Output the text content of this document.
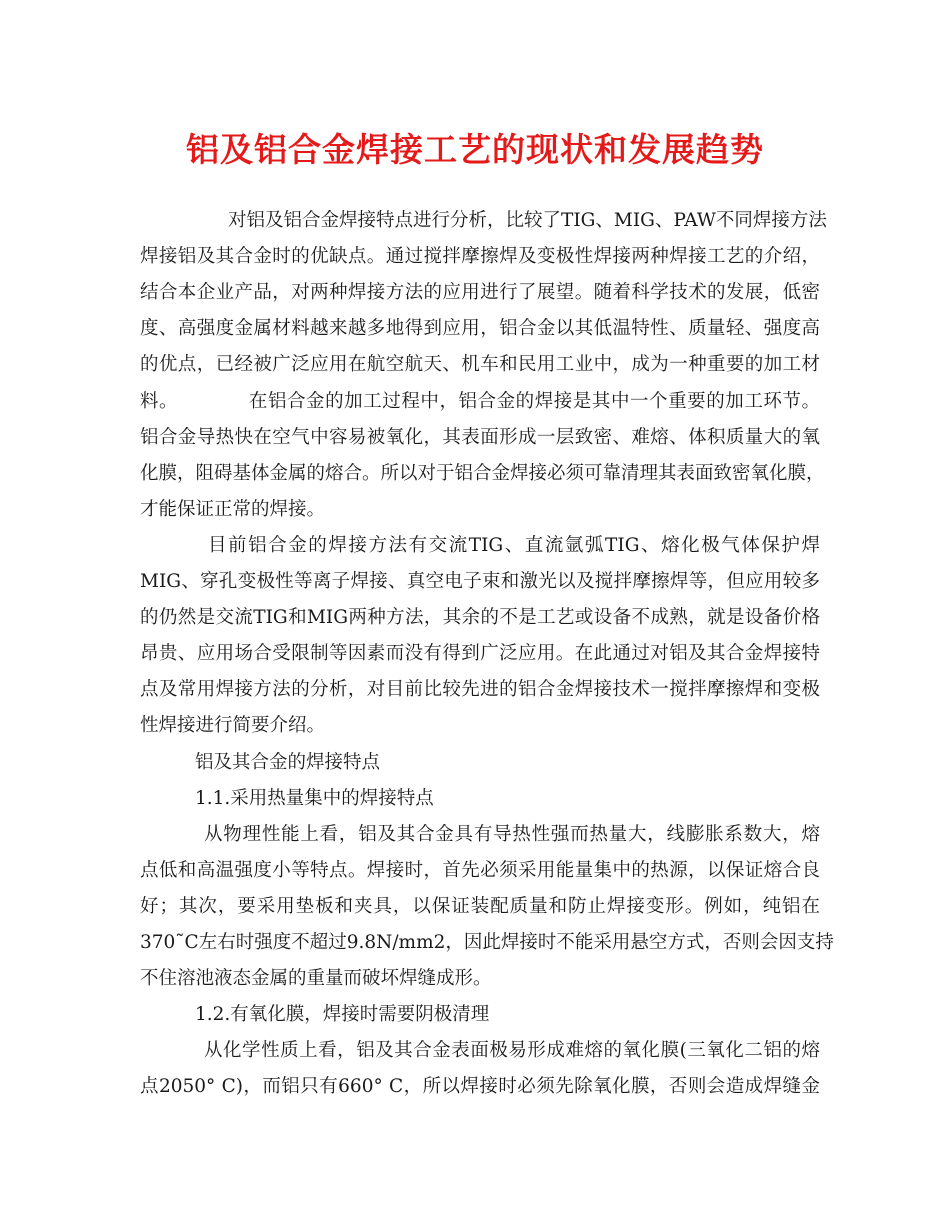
铝及铝合金焊接工艺的现状和发展趋势
对铝及铝合金焊接特点进行分析，比较了TIG、MIG、PAW不同焊接方法
焊接铝及其合金时的优缺点。通过搅拌摩擦焊及变极性焊接两种焊接工艺的介绍，
结合本企业产品，对两种焊接方法的应用进行了展望。随着科学技术的发展，低密
度、高强度金属材料越来越多地得到应用，铝合金以其低温特性、质量轻、强度高
的优点，已经被广泛应用在航空航天、机车和民用工业中，成为一种重要的加工材
料。           在铝合金的加工过程中，铝合金的焊接是其中一个重要的加工环节。
铝合金导热快在空气中容易被氧化，其表面形成一层致密、难熔、体积质量大的氧
化膜，阻碍基体金属的熔合。所以对于铝合金焊接必须可靠清理其表面致密氧化膜，
才能保证正常的焊接。
目前铝合金的焊接方法有交流TIG、直流氩弧TIG、熔化极气体保护焊
MIG、穿孔变极性等离子焊接、真空电子束和激光以及搅拌摩擦焊等，但应用较多
的仍然是交流TIG和MIG两种方法，其余的不是工艺或设备不成熟，就是设备价格
昂贵、应用场合受限制等因素而没有得到广泛应用。在此通过对铝及其合金焊接特
点及常用焊接方法的分析，对目前比较先进的铝合金焊接技术一搅拌摩擦焊和变极
性焊接进行简要介绍。
铝及其合金的焊接特点
1.1.采用热量集中的焊接特点
从物理性能上看，铝及其合金具有导热性强而热量大，线膨胀系数大，熔
点低和高温强度小等特点。焊接时，首先必须采用能量集中的热源，以保证熔合良
好；其次，要采用垫板和夹具，以保证装配质量和防止焊接变形。例如，纯铝在
370˜C左右时强度不超过9.8N/mm2，因此焊接时不能采用悬空方式，否则会因支持
不住溶池液态金属的重量而破坏焊缝成形。
1.2.有氧化膜，焊接时需要阴极清理
从化学性质上看，铝及其合金表面极易形成难熔的氧化膜(三氧化二铝的熔
点2050° C)，而铝只有660° C，所以焊接时必须先除氧化膜，否则会造成焊缝金
